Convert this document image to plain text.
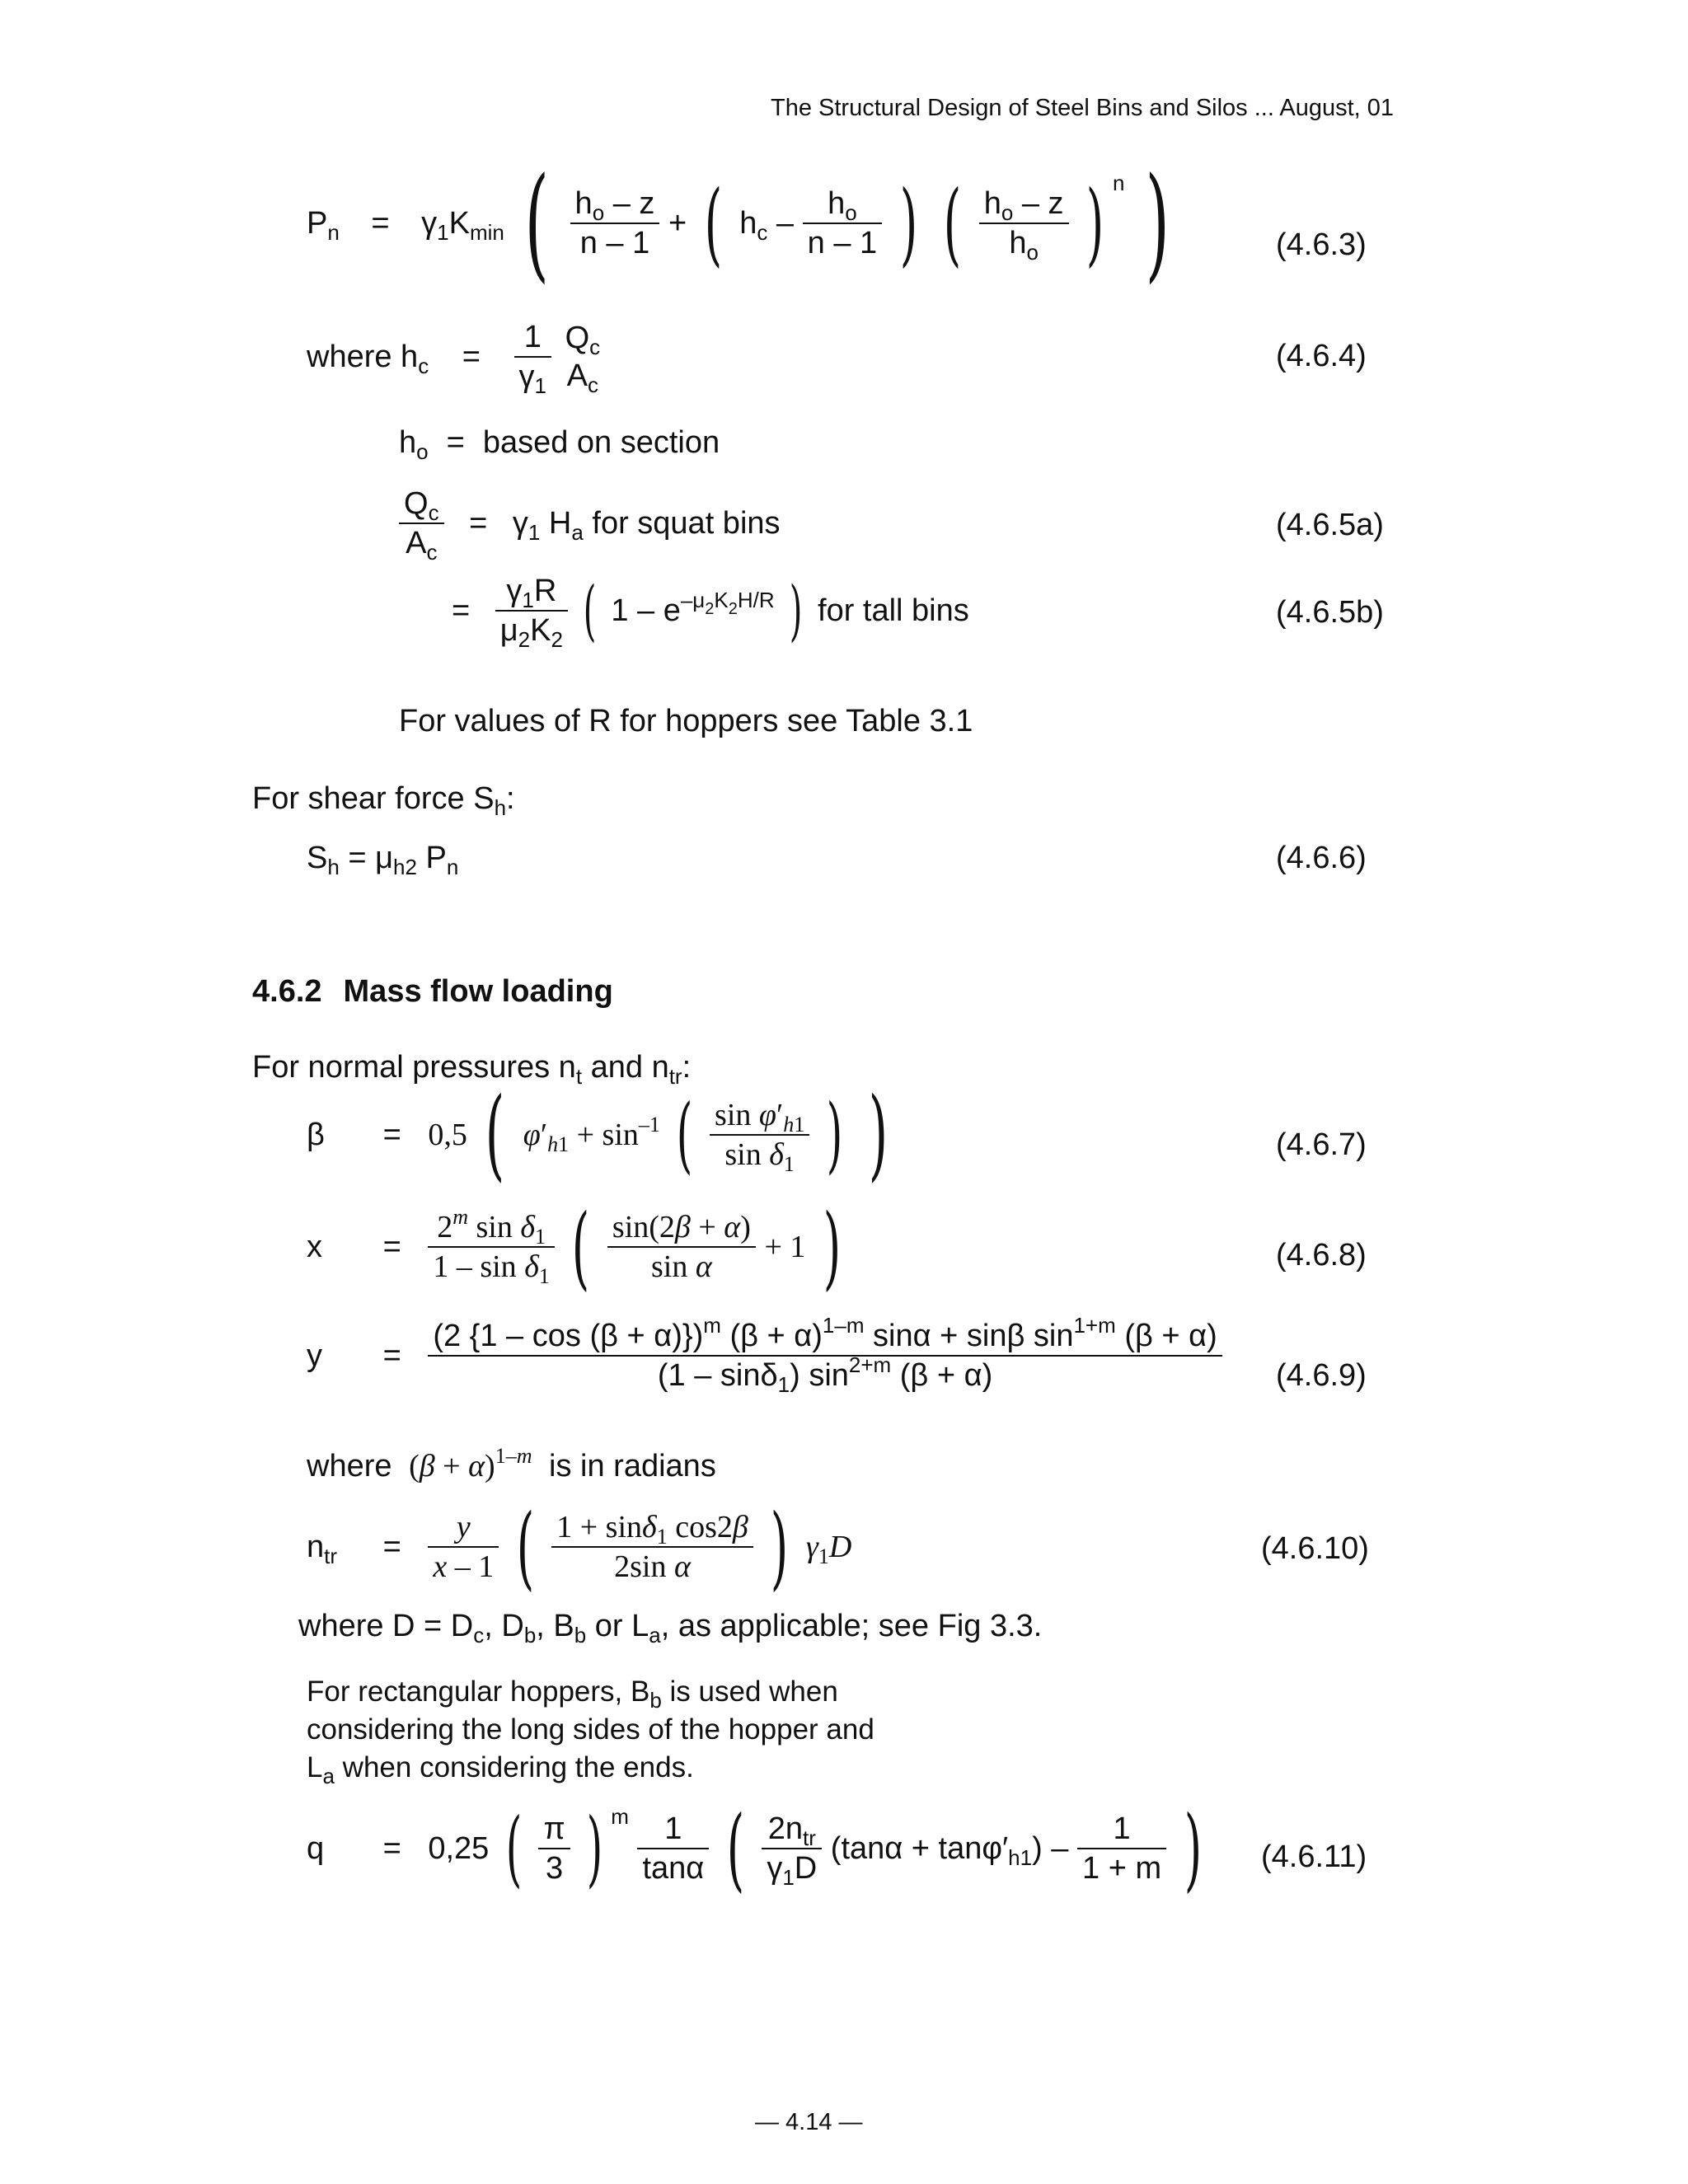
The Structural Design of Steel Bins and Silos ... August, 01
$P_n = \gamma_1K_{min}$ ( $\frac{h_o - z}{n - 1}$ + ( $h_c - \frac{h_o}{n - 1}$ ) ( $\frac{h_o - z}{h_o}$ ) $^n$ )	(4.6.3)
where $h_c = \frac{1}{\gamma_1}$
$Q_c$
$A_c$
(4.6.4)
$h_o$ = based on section
$\frac{Q_c}{A_c} = \gamma_1$ $H_a$ for squat bins	(4.6.5a)
= $\frac{\gamma_1R}{\mu_2K_2}$ ( $1 - e^{-\mu_2K_2H/R}$ ) for tall bins	(4.6.5b)
For values of R for hoppers see Table 3.1
For shear force $S_h$:
$S_h = \mu_{h2}$ $P_n$	(4.6.6)
4.6.2 Mass flow loading
For normal pressures $n_t$ and $n_{tr}$:
β = 0,5 ( $\varphi'_{h1} + \sin^{-1}$ ( $\frac{\sin \varphi'_{h1}}{\sin \delta_1}$ ) )	(4.6.7)
$x = \frac{2^m \sin \delta_1}{1 - \sin \delta_1}$ ( $\frac{\sin(2\beta + \alpha)}{\text{sin α}} + 1$ )	(4.6.8)
$y = \frac{(2 \{1 - \cos (\beta + \alpha)\})^m (\beta + \alpha)^{1-m} \sin\alpha + \sin\beta \sin^{1+m} (\beta + \alpha)}{(1 - \sin\delta_1) \sin^{2+m} (\beta + \alpha)} (4.6.9)$
where $(\beta + \alpha)^{1-m}$ is in radians
$n_{tr} = \frac{y}{x - 1}$ ( $\frac{1 + \sin\delta_1 \cos 2\beta}{\text{2sin α}}$ ) $\gamma_1D$	(4.6.10)
where $D = D_c$, $D_b$, $B_b$ or $L_a$, as applicable; see Fig 3.3.
For rectangular hoppers, $B_b$ is used when
considering the long sides of the hopper and
$L_a$ when considering the ends.
q = 0,25 ( $\frac{\pi}{3}$ ) $^m \frac{1}{\tan\alpha}$ ( $\frac{2n_{tr}}{\gamma_1D} (\tan\alpha + \tan\varphi'_{h1}) - \frac{1}{1 + m}$ ) (4.6.11)
— 4.14 —
